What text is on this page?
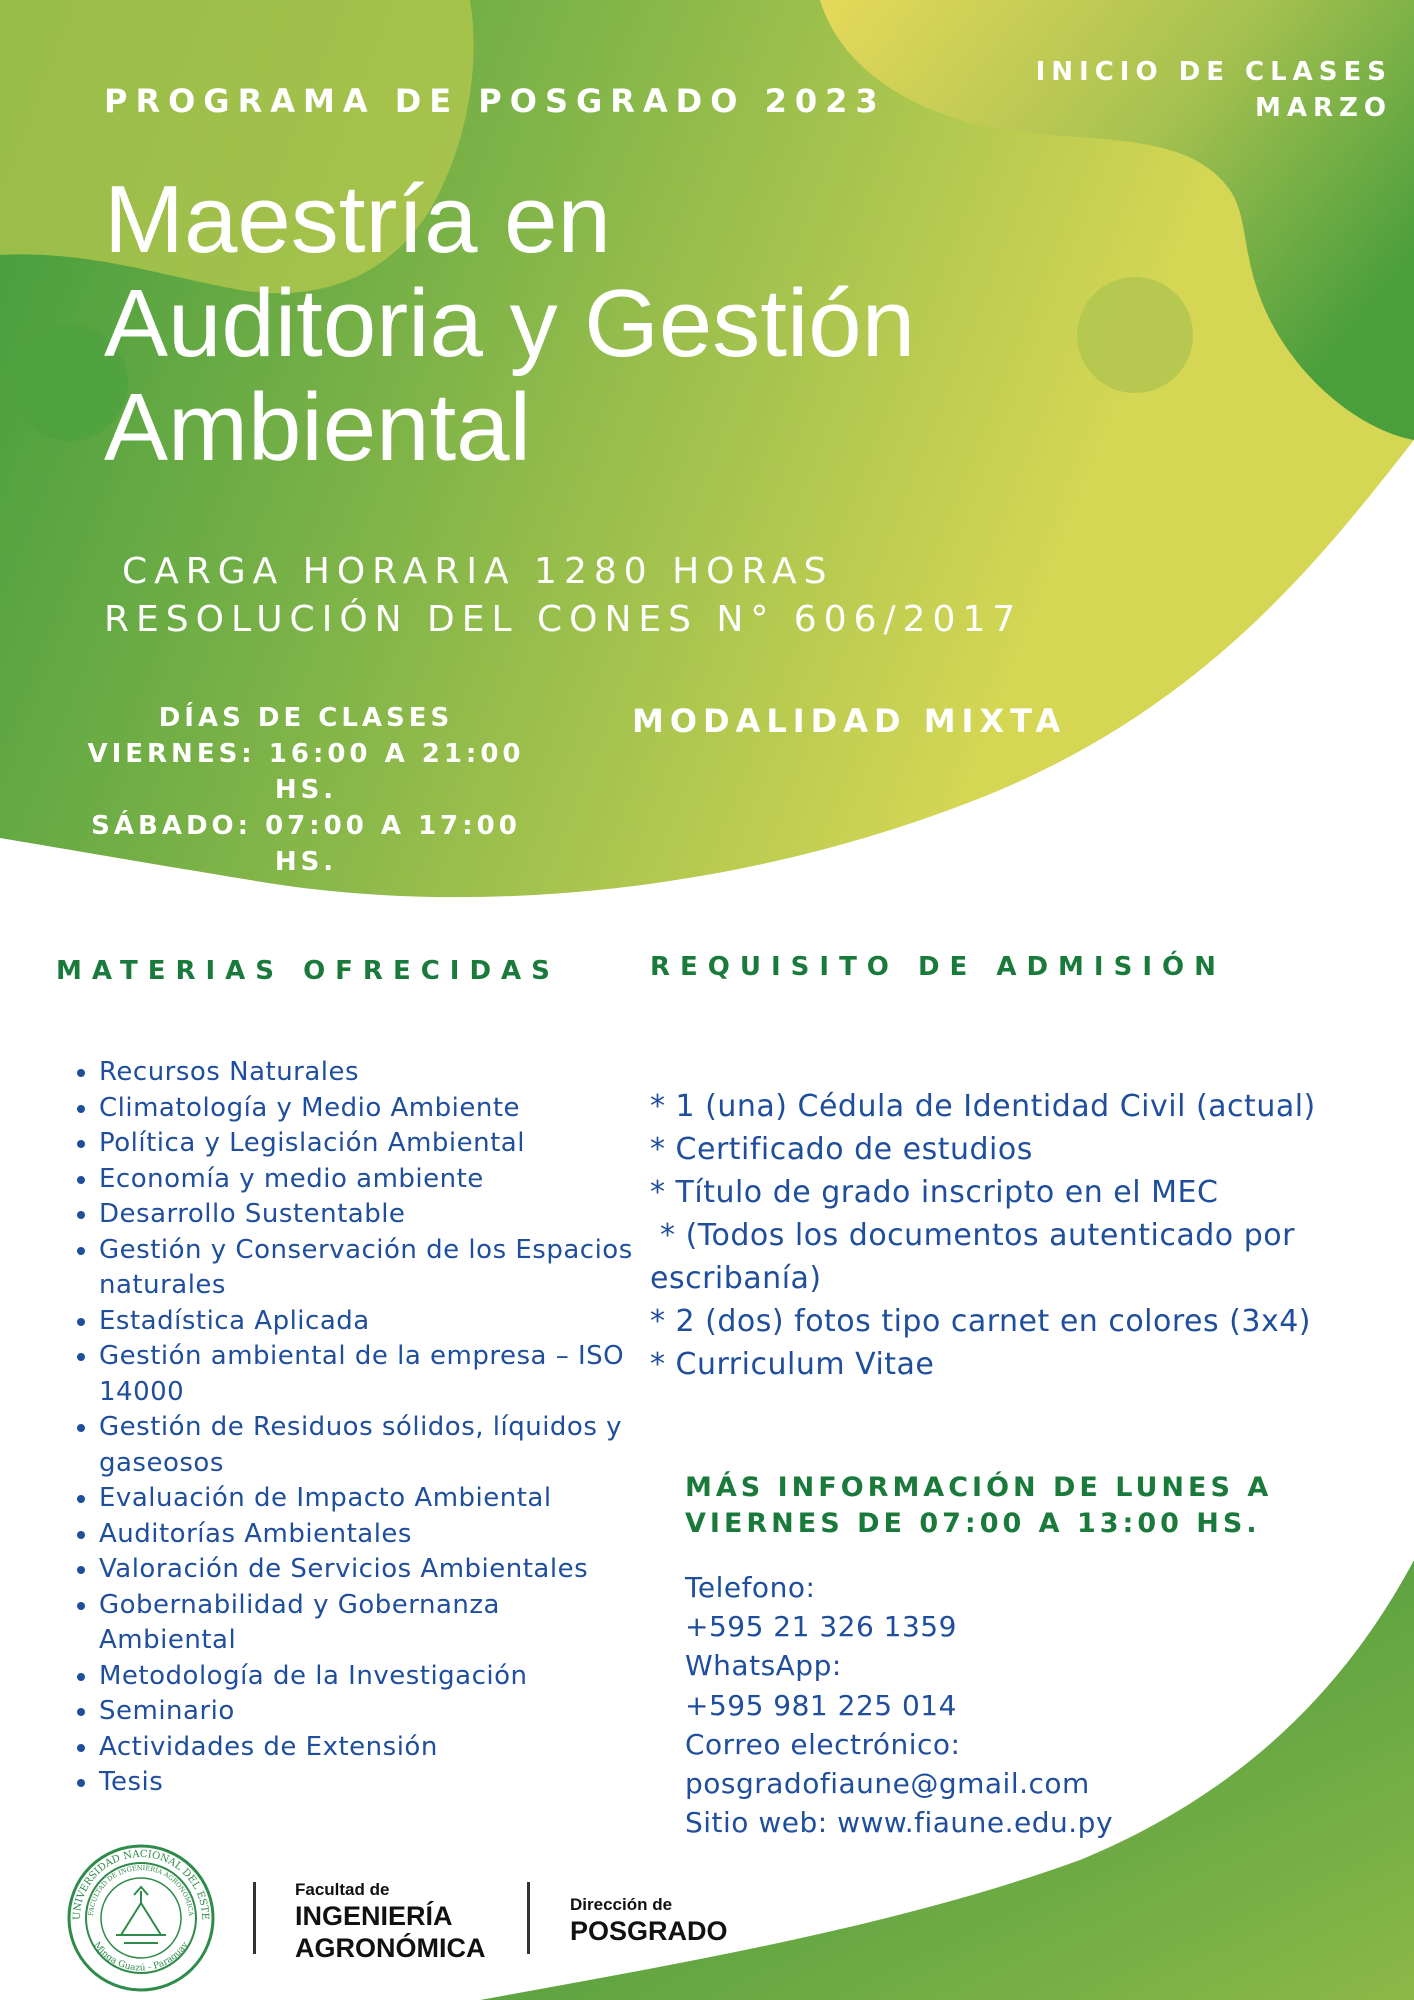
PROGRAMA DE POSGRADO 2023
INICIO DE CLASES
MARZO
Maestría en
Auditoria y Gestión
Ambiental
CARGA HORARIA 1280 HORAS
RESOLUCIÓN DEL CONES N° 606/2017
DÍAS DE CLASES
VIERNES: 16:00 A 21:00 HS.
SÁBADO: 07:00 A 17:00 HS.
MODALIDAD MIXTA
MATERIAS OFRECIDAS
• Recursos Naturales
• Climatología y Medio Ambiente
• Política y Legislación Ambiental
• Economía y medio ambiente
• Desarrollo Sustentable
• Gestión y Conservación de los Espacios naturales
• Estadística Aplicada
• Gestión ambiental de la empresa – ISO 14000
• Gestión de Residuos sólidos, líquidos y gaseosos
• Evaluación de Impacto Ambiental
• Auditorías Ambientales
• Valoración de Servicios Ambientales
• Gobernabilidad y Gobernanza Ambiental
• Metodología de la Investigación
• Seminario
• Actividades de Extensión
• Tesis
REQUISITO DE ADMISIÓN
* 1 (una) Cédula de Identidad Civil (actual)
* Certificado de estudios
* Título de grado inscripto en el MEC
* (Todos los documentos autenticado por
escribanía)
* 2 (dos) fotos tipo carnet en colores (3x4)
* Curriculum Vitae
MÁS INFORMACIÓN DE LUNES A
VIERNES DE 07:00 A 13:00 HS.
Telefono:
+595 21 326 1359
WhatsApp:
+595 981 225 014
Correo electrónico:
posgradofiaune@gmail.com
Sitio web: www.fiaune.edu.py
UNIVERSIDAD NACIONAL DEL ESTE
FACULTAD DE INGENIERÍA AGRONÓMICA
Minga Guazú - Paraguay
Facultad de
INGENIERÍA
AGRONÓMICA
Dirección de
POSGRADO
